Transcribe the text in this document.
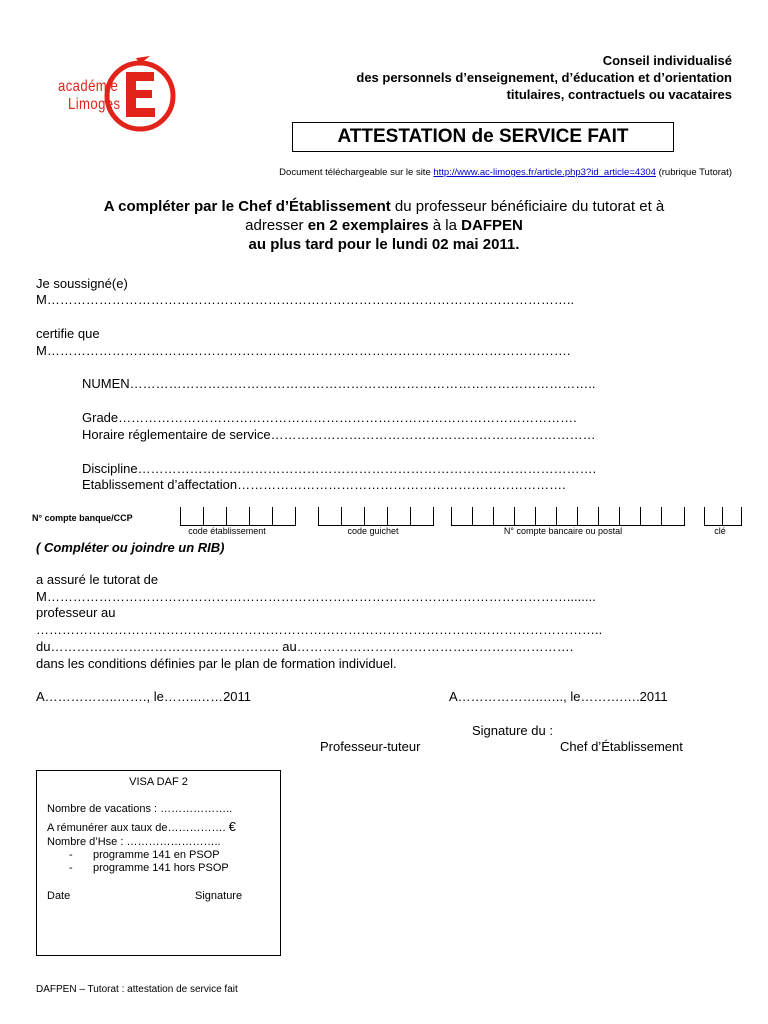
académie
Limoges
Conseil individualisé
des personnels d’enseignement, d’éducation et d’orientation
titulaires, contractuels ou vacataires
ATTESTATION de SERVICE FAIT
Document téléchargeable sur le site http://www.ac-limoges.fr/article.php3?id_article=4304 (rubrique Tutorat)
A compléter par le Chef d’Établissement du professeur bénéficiaire du tutorat et à
adresser en 2 exemplaires à la DAFPEN
au plus tard pour le lundi 02 mai 2011.
Je soussigné(e)
M…………………………………………………………………………………………………………..
certifie que
M………………………………………………………………………………………………………….
NUMEN…………………………………………………….………………………………………..
Grade…………………………………………………………………………………………….
Horaire réglementaire de service…………………………………………………………………
Discipline…………………………………………………………………………………………….
Etablissement d’affectation………………………………………………………………….
N° compte banque/CCP
code établissement	code guichet	N° compte bancaire ou postal	clé
( Compléter ou joindre un RIB)
a assuré le tutorat de
M…………………………………………………………………………………………………………........
professeur au
…………………………………………………………………………………………………………………..
du…………………………………………….. au……………………………………………………….
dans les conditions définies par le plan de formation individuel.
A……………..……., le……..……2011	A………………..….., le……….….2011
Signature du :
Professeur-tuteur	Chef d’Établissement
VISA DAF 2
Nombre de vacations : ………………..
A rémunérer aux taux de……………. €
Nombre d’Hse : ……………………..
- programme 141 en PSOP
- programme 141 hors PSOP
Date	Signature
DAFPEN – Tutorat : attestation de service fait
